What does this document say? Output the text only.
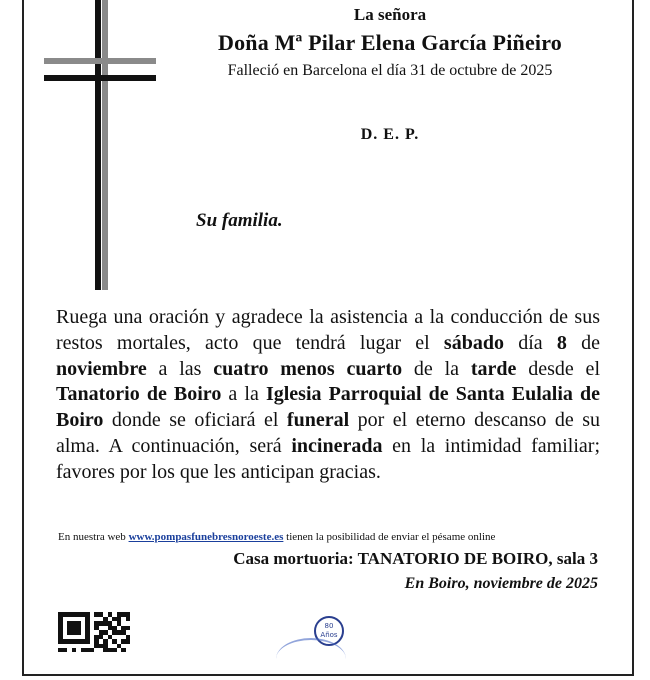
La señora
Doña Mª Pilar Elena García Piñeiro
Falleció en Barcelona el día 31 de octubre de 2025
D. E. P.
Su familia.
Ruega una oración y agradece la asistencia a la conducción de sus restos mortales, acto que tendrá lugar el sábado día 8 de noviembre a las cuatro menos cuarto de la tarde desde el Tanatorio de Boiro a la Iglesia Parroquial de Santa Eulalia de Boiro donde se oficiará el funeral por el eterno descanso de su alma. A continuación, será incinerada en la intimidad familiar; favores por los que les anticipan gracias.
En nuestra web www.pompasfunebresnoroeste.es tienen la posibilidad de enviar el pésame online
Casa mortuoria: TANATORIO DE BOIRO, sala 3
En Boiro, noviembre de 2025
80
Años
